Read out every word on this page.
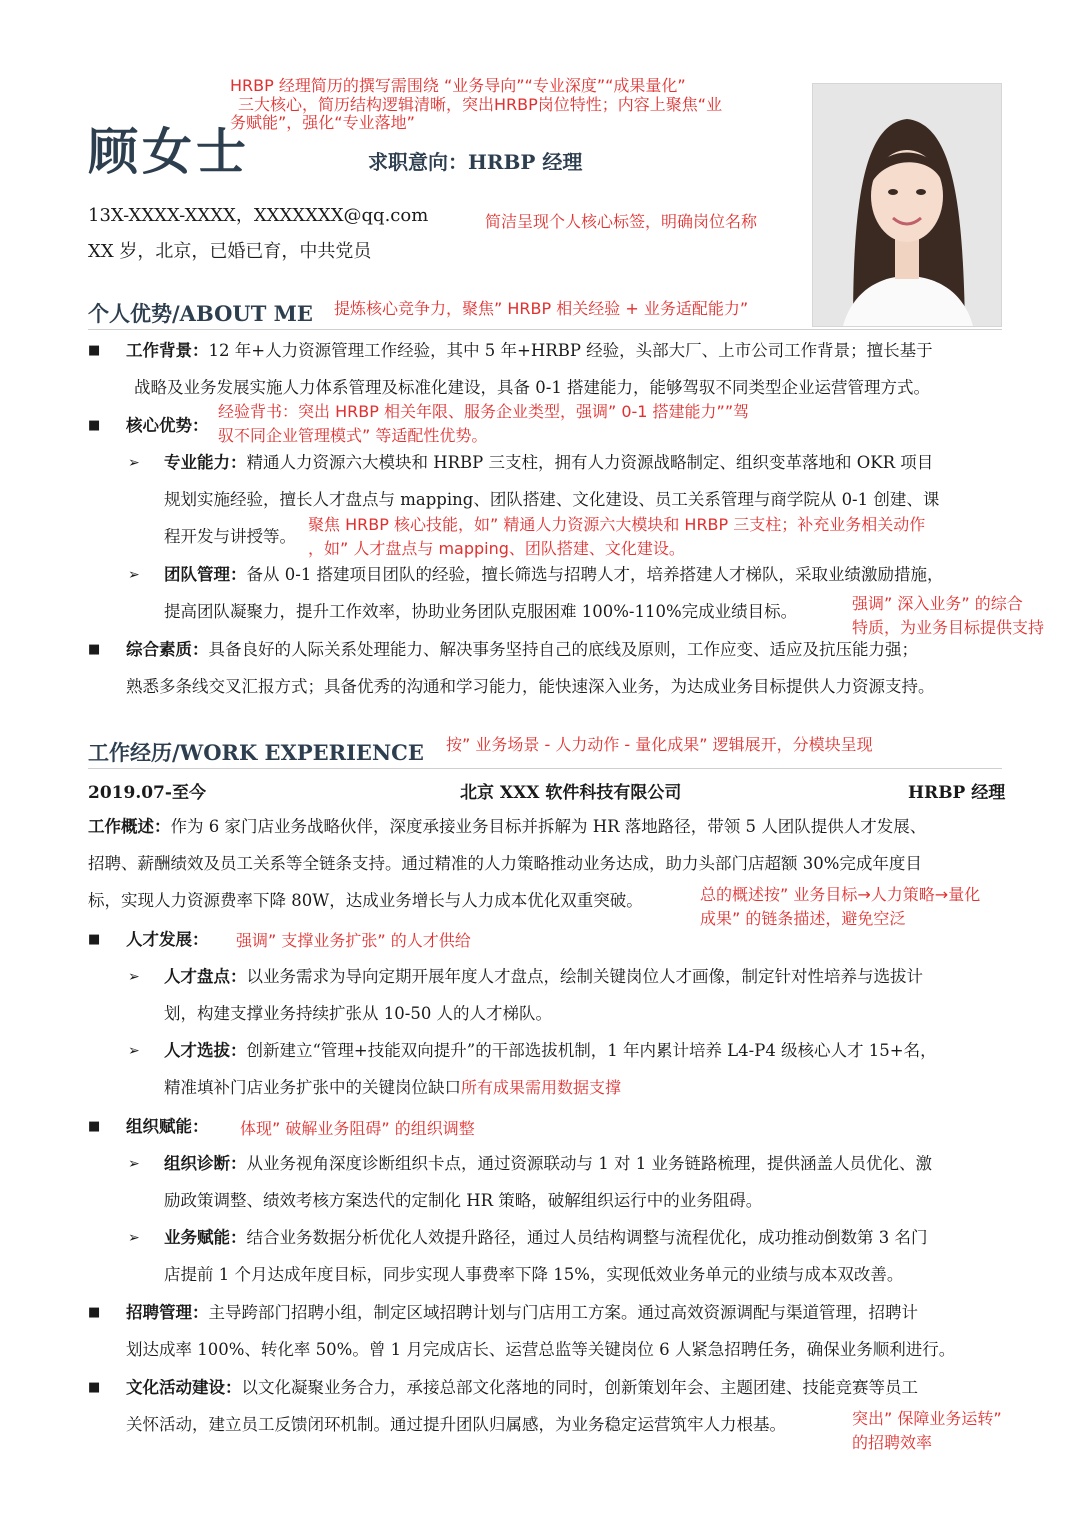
HRBP 经理简历的撰写需围绕 “业务导向”“专业深度”“成果量化”
三大核心，简历结构逻辑清晰，突出HRBP岗位特性；内容上聚焦“业
务赋能”，强化“专业落地”
顾女士	求职意向：HRBP 经理
13X-XXXX-XXXX，XXXXXXX@qq.com
XX 岁，北京，已婚已育，中共党员
简洁呈现个人核心标签，明确岗位名称
个人优势/ABOUT ME 提炼核心竞争力，聚焦” HRBP 相关经验 + 业务适配能力”
■ 工作背景：12 年+人力资源管理工作经验，其中 5 年+HRBP 经验，头部大厂、上市公司工作背景；擅长基于
战略及业务发展实施人力体系管理及标准化建设，具备 0-1 搭建能力，能够驾驭不同类型企业运营管理方式。
■ 核心优势：
经验背书：突出 HRBP 相关年限、服务企业类型，强调” 0-1 搭建能力””驾
驭不同企业管理模式” 等适配性优势。
➢ 专业能力：精通人力资源六大模块和 HRBP 三支柱，拥有人力资源战略制定、组织变革落地和 OKR 项目
规划实施经验，擅长人才盘点与 mapping、团队搭建、文化建设、员工关系管理与商学院从 0-1 创建、课
程开发与讲授等。
聚焦 HRBP 核心技能，如” 精通人力资源六大模块和 HRBP 三支柱；补充业务相关动作
，如” 人才盘点与 mapping、团队搭建、文化建设。
➢ 团队管理：备从 0-1 搭建项目团队的经验，擅长筛选与招聘人才，培养搭建人才梯队，采取业绩激励措施，
提高团队凝聚力，提升工作效率，协助业务团队克服困难 100%-110%完成业绩目标。	强调” 深入业务” 的综合
特质，为业务目标提供支持
■ 综合素质：具备良好的人际关系处理能力、解决事务坚持自己的底线及原则，工作应变、适应及抗压能力强；
熟悉多条线交叉汇报方式；具备优秀的沟通和学习能力，能快速深入业务，为达成业务目标提供人力资源支持。
工作经历/WORK EXPERIENCE 按” 业务场景 - 人力动作 - 量化成果” 逻辑展开，分模块呈现
2019.07-至今	北京 XXX 软件科技有限公司	HRBP 经理
工作概述：作为 6 家门店业务战略伙伴，深度承接业务目标并拆解为 HR 落地路径，带领 5 人团队提供人才发展、
招聘、薪酬绩效及员工关系等全链条支持。通过精准的人力策略推动业务达成，助力头部门店超额 30%完成年度目
标，实现人力资源费率下降 80W，达成业务增长与人力成本优化双重突破。	总的概述按” 业务目标→人力策略→量化
成果” 的链条描述，避免空泛
■ 人才发展： 强调” 支撑业务扩张” 的人才供给
➢ 人才盘点：以业务需求为导向定期开展年度人才盘点，绘制关键岗位人才画像，制定针对性培养与选拔计
划，构建支撑业务持续扩张从 10-50 人的人才梯队。
➢ 人才选拔：创新建立“管理+技能双向提升”的干部选拔机制，1 年内累计培养 L4-P4 级核心人才 15+名，
精准填补门店业务扩张中的关键岗位缺口所有成果需用数据支撑
■ 组织赋能： 体现” 破解业务阻碍” 的组织调整
➢ 组织诊断：从业务视角深度诊断组织卡点，通过资源联动与 1 对 1 业务链路梳理，提供涵盖人员优化、激
励政策调整、绩效考核方案迭代的定制化 HR 策略，破解组织运行中的业务阻碍。
➢ 业务赋能：结合业务数据分析优化人效提升路径，通过人员结构调整与流程优化，成功推动倒数第 3 名门
店提前 1 个月达成年度目标，同步实现人事费率下降 15%，实现低效业务单元的业绩与成本双改善。
■ 招聘管理：主导跨部门招聘小组，制定区域招聘计划与门店用工方案。通过高效资源调配与渠道管理，招聘计
划达成率 100%、转化率 50%。曾 1 月完成店长、运营总监等关键岗位 6 人紧急招聘任务，确保业务顺利进行。
■ 文化活动建设：以文化凝聚业务合力，承接总部文化落地的同时，创新策划年会、主题团建、技能竞赛等员工
关怀活动，建立员工反馈闭环机制。通过提升团队归属感，为业务稳定运营筑牢人力根基。	突出” 保障业务运转”
的招聘效率
